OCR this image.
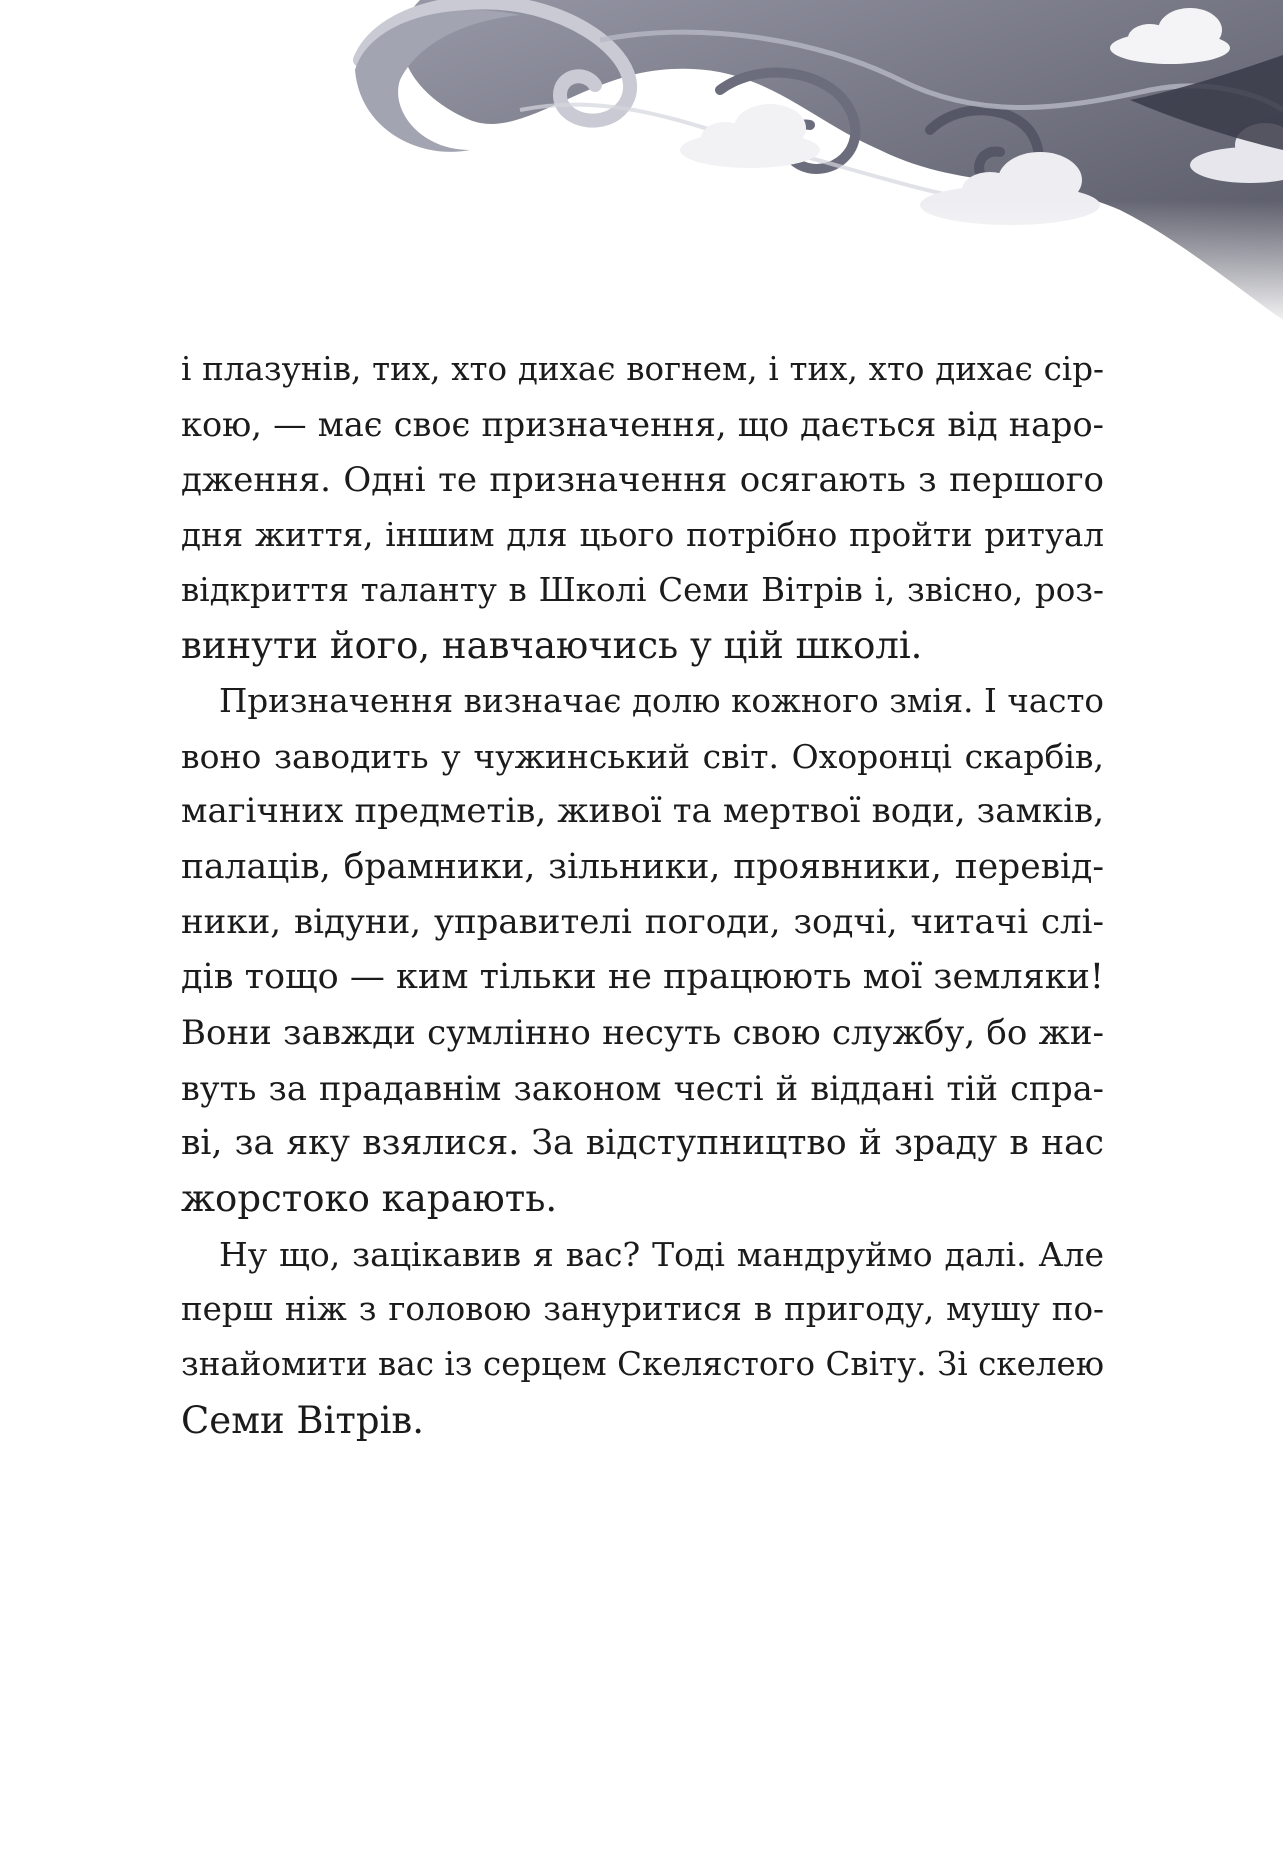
і плазунів, тих, хто дихає вогнем, і тих, хто дихає сір-
кою, — має своє призначення, що дається від наро-
дження. Одні те призначення осягають з першого
дня життя, іншим для цього потрібно пройти ритуал
відкриття таланту в Школі Семи Вітрів і, звісно, роз-
винути його, навчаючись у цій школі.
Призначення визначає долю кожного змія. І часто
воно заводить у чужинський світ. Охоронці скарбів,
магічних предметів, живої та мертвої води, замків,
палаців, брамники, зільники, проявники, перевід-
ники, відуни, управителі погоди, зодчі, читачі слі-
дів тощо — ким тільки не працюють мої земляки!
Вони завжди сумлінно несуть свою службу, бо жи-
вуть за прадавнім законом честі й віддані тій спра-
ві, за яку взялися. За відступництво й зраду в нас
жорстоко карають.
Ну що, зацікавив я вас? Тоді мандруймо далі. Але
перш ніж з головою зануритися в пригоду, мушу по-
знайомити вас із серцем Скелястого Світу. Зі скелею
Семи Вітрів.
